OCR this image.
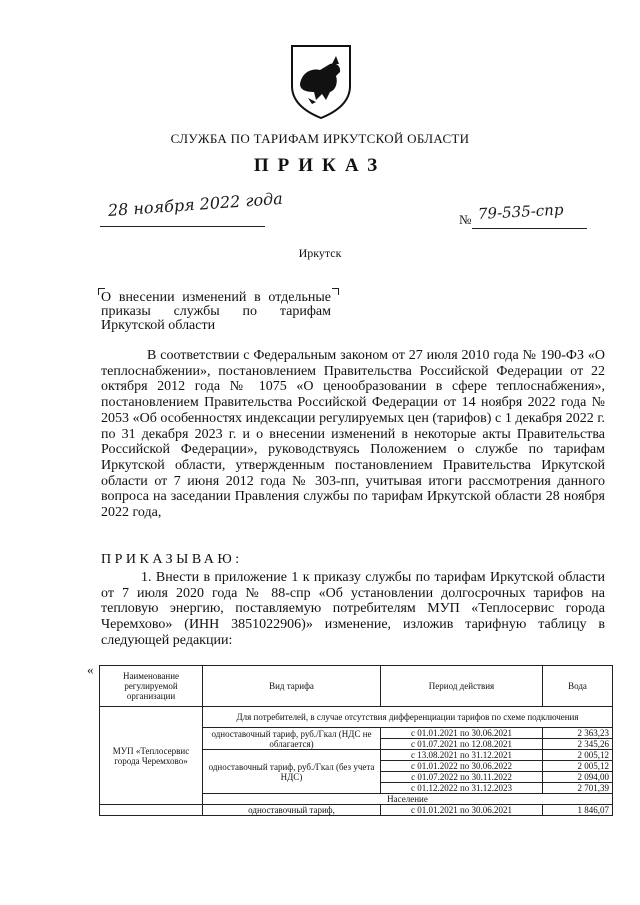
СЛУЖБА ПО ТАРИФАМ ИРКУТСКОЙ ОБЛАСТИ
ПРИКАЗ
28 ноября 2022 года	№ 79-535-спр
Иркутск
О внесении изменений в отдельные приказы службы по тарифам Иркутской области
В соответствии с Федеральным законом от 27 июля 2010 года № 190-ФЗ «О теплоснабжении», постановлением Правительства Российской Федерации от 22 октября 2012 года № 1075 «О ценообразовании в сфере теплоснабжения», постановлением Правительства Российской Федерации от 14 ноября 2022 года № 2053 «Об особенностях индексации регулируемых цен (тарифов) с 1 декабря 2022 г. по 31 декабря 2023 г. и о внесении изменений в некоторые акты Правительства Российской Федерации», руководствуясь Положением о службе по тарифам Иркутской области, утвержденным постановлением Правительства Иркутской области от 7 июня 2012 года № 303-пп, учитывая итоги рассмотрения данного вопроса на заседании Правления службы по тарифам Иркутской области 28 ноября 2022 года,
ПРИКАЗЫВАЮ:
1. Внести в приложение 1 к приказу службы по тарифам Иркутской области от 7 июля 2020 года № 88-спр «Об установлении долгосрочных тарифов на тепловую энергию, поставляемую потребителям МУП «Теплосервис города Черемхово» (ИНН 3851022906)» изменение, изложив тарифную таблицу в следующей редакции:
«	Наименование регулируемой организации	Вид тарифа	Период действия	Вода
МУП «Теплосервис города Черемхово»	Для потребителей, в случае отсутствия дифференциации тарифов по схеме подключения		
	одноставочный тариф, руб./Гкал (НДС не облагается)	с 01.01.2021 по 30.06.2021	2 363,23
		с 01.07.2021 по 12.08.2021	2 345,26
	одноставочный тариф, руб./Гкал (без учета НДС)	с 13.08.2021 по 31.12.2021	2 005,12
		с 01.01.2022 по 30.06.2022	2 005,12
		с 01.07.2022 по 30.11.2022	2 094,00
		с 01.12.2022 по 31.12.2023	2 701,39
	Население		
	одноставочный тариф,	с 01.01.2021 по 30.06.2021	1 846,07
